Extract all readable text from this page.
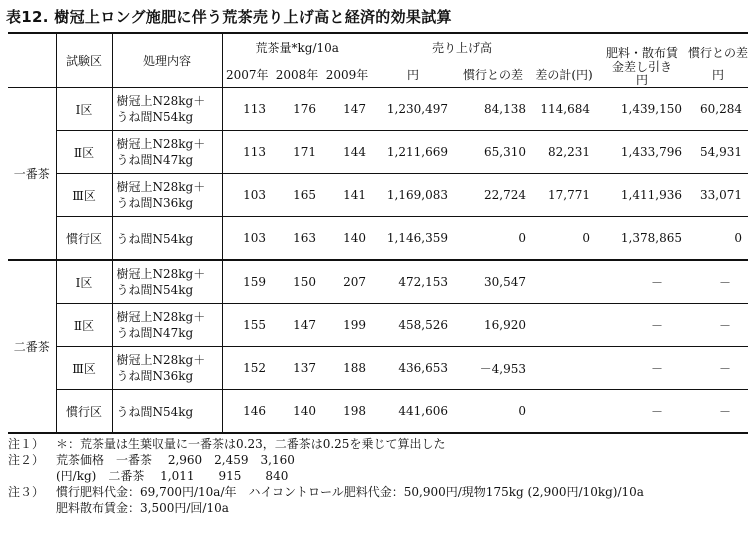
表12. 樹冠上ロング施肥に伴う荒茶売り上げ高と経済的効果試算
	試験区	処理内容	荒茶量*kg/10a			売り上げ高			肥料・散布賃	慣行との差
			2007年	2008年	2009年	円	慣行との差	差の計(円)	金差し引き
円	円
一番茶	Ⅰ区	樹冠上N28kg＋
うね間N54kg	113	176	147	1,230,497	84,138	114,684	1,439,150	60,284
	Ⅱ区	樹冠上N28kg＋
うね間N47kg	113	171	144	1,211,669	65,310	82,231	1,433,796	54,931
	Ⅲ区	樹冠上N28kg＋
うね間N36kg	103	165	141	1,169,083	22,724	17,771	1,411,936	33,071
	慣行区	うね間N54kg	103	163	140	1,146,359	0	0	1,378,865	0
二番茶	Ⅰ区	樹冠上N28kg＋
うね間N54kg	159	150	207	472,153	30,547		－	－
	Ⅱ区	樹冠上N28kg＋
うね間N47kg	155	147	199	458,526	16,920		－	－
	Ⅲ区	樹冠上N28kg＋
うね間N36kg	152	137	188	436,653	－4,953		－	－
	慣行区	うね間N54kg	146	140	198	441,606	0		－	－
注１） ＊：荒茶量は生葉収量に一番茶は0.23，二番茶は0.25を乗じて算出した
注２） 荒茶価格　一番茶　 2,960　2,459　3,160
(円/kg)　二番茶　 1,011　　915　　840
注３） 慣行肥料代金：69,700円/10a/年　ハイコントロール肥料代金：50,900円/現物175kg (2,900円/10kg)/10a
肥料散布賃金：3,500円/回/10a
